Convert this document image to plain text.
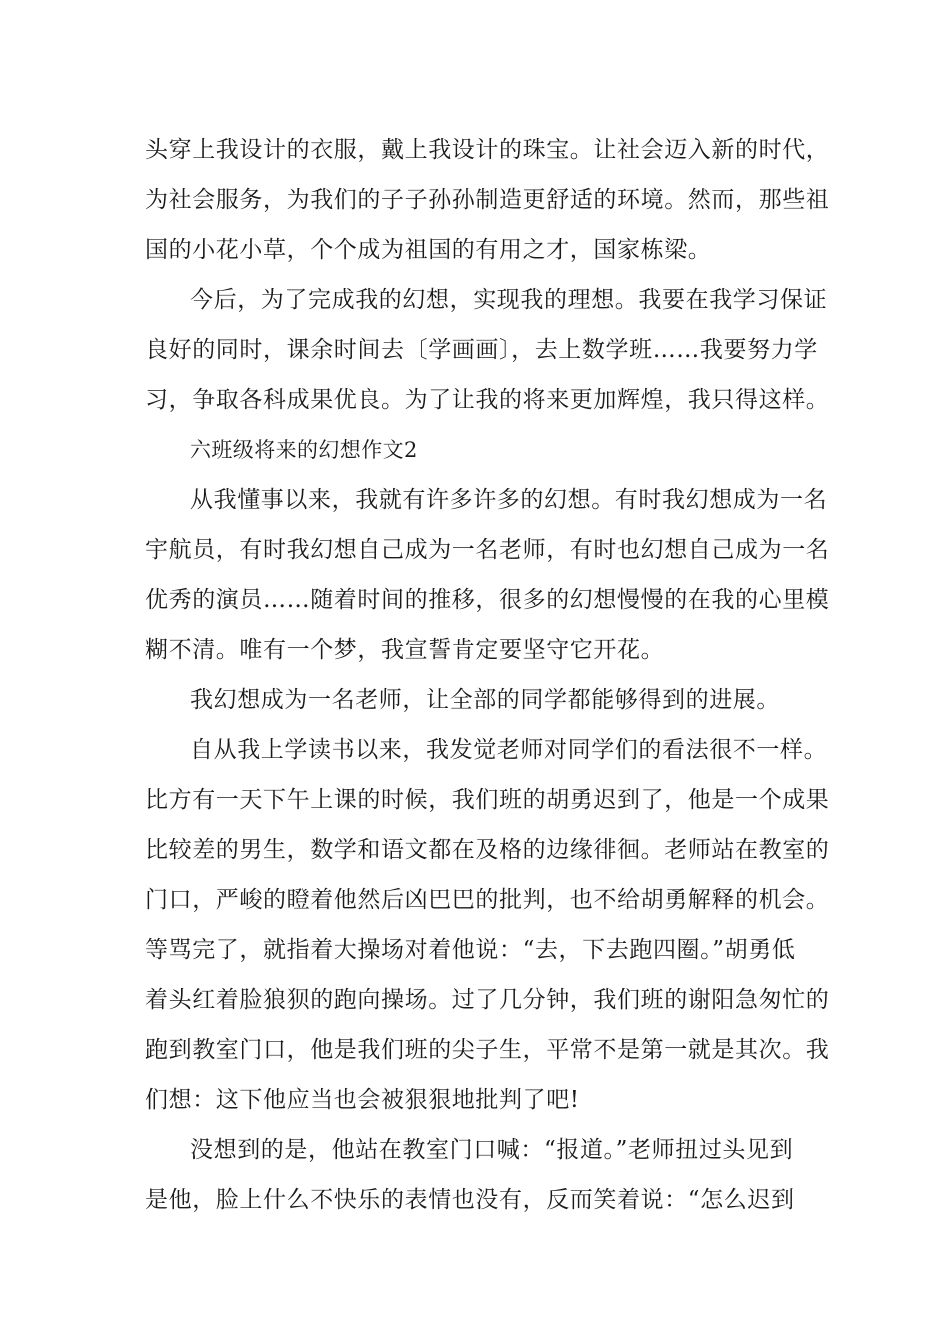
头穿上我设计的衣服，戴上我设计的珠宝。让社会迈入新的时代，
为社会服务，为我们的子子孙孙制造更舒适的环境。然而，那些祖
国的小花小草，个个成为祖国的有用之才，国家栋梁。
今后，为了完成我的幻想，实现我的理想。我要在我学习保证
良好的同时，课余时间去〔学画画〕，去上数学班……我要努力学
习，争取各科成果优良。为了让我的将来更加辉煌，我只得这样。
六班级将来的幻想作文2
从我懂事以来，我就有许多许多的幻想。有时我幻想成为一名
宇航员，有时我幻想自己成为一名老师，有时也幻想自己成为一名
优秀的演员……随着时间的推移，很多的幻想慢慢的在我的心里模
糊不清。唯有一个梦，我宣誓肯定要坚守它开花。
我幻想成为一名老师，让全部的同学都能够得到的进展。
自从我上学读书以来，我发觉老师对同学们的看法很不一样。
比方有一天下午上课的时候，我们班的胡勇迟到了，他是一个成果
比较差的男生，数学和语文都在及格的边缘徘徊。老师站在教室的
门口，严峻的瞪着他然后凶巴巴的批判，也不给胡勇解释的机会。
等骂完了，就指着大操场对着他说：“去，下去跑四圈。”胡勇低
着头红着脸狼狈的跑向操场。过了几分钟，我们班的谢阳急匆忙的
跑到教室门口，他是我们班的尖子生，平常不是第一就是其次。我
们想：这下他应当也会被狠狠地批判了吧!
没想到的是，他站在教室门口喊：“报道。”老师扭过头见到
是他，脸上什么不快乐的表情也没有，反而笑着说：“怎么迟到
